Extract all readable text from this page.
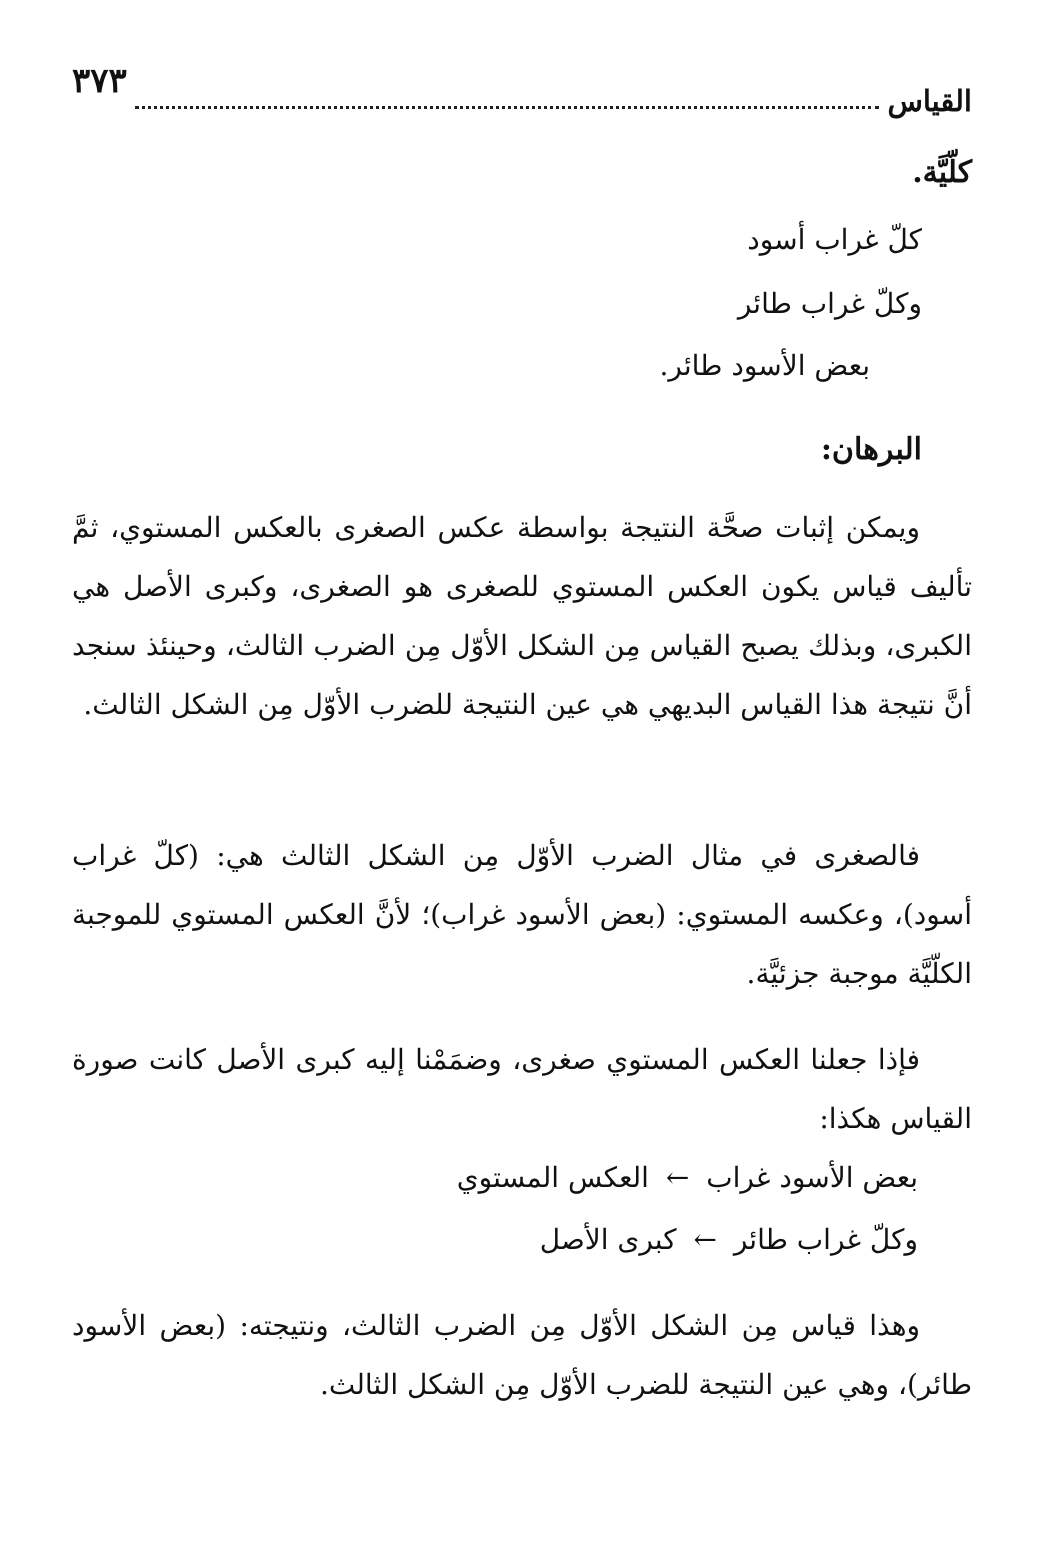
القياس
٣٧٣
كلّيَّة.
كلّ غراب أسود
وكلّ غراب طائر
بعض الأسود طائر.
البرهان:

ويمكن إثبات صحَّة النتيجة بواسطة عكس الصغرى بالعكس المستوي، ثمَّ تأليف قياس يكون العكس المستوي للصغرى هو الصغرى، وكبرى الأصل هي الكبرى، وبذلك يصبح القياس مِن الشكل الأوّل مِن الضرب الثالث، وحينئذ سنجد أنَّ نتيجة هذا القياس البديهي هي عين النتيجة للضرب الأوّل مِن الشكل الثالث.

فالصغرى في مثال الضرب الأوّل مِن الشكل الثالث هي: (كلّ غراب أسود)، وعكسه المستوي: (بعض الأسود غراب)؛ لأنَّ العكس المستوي للموجبة الكلّيَّة موجبة جزئيَّة.

فإذا جعلنا العكس المستوي صغرى، وضمَمْنا إليه كبرى الأصل كانت صورة القياس هكذا:

بعض الأسود غراب ← العكس المستوي
وكلّ غراب طائر ← كبرى الأصل

وهذا قياس مِن الشكل الأوّل مِن الضرب الثالث، ونتيجته: (بعض الأسود طائر)، وهي عين النتيجة للضرب الأوّل مِن الشكل الثالث.
